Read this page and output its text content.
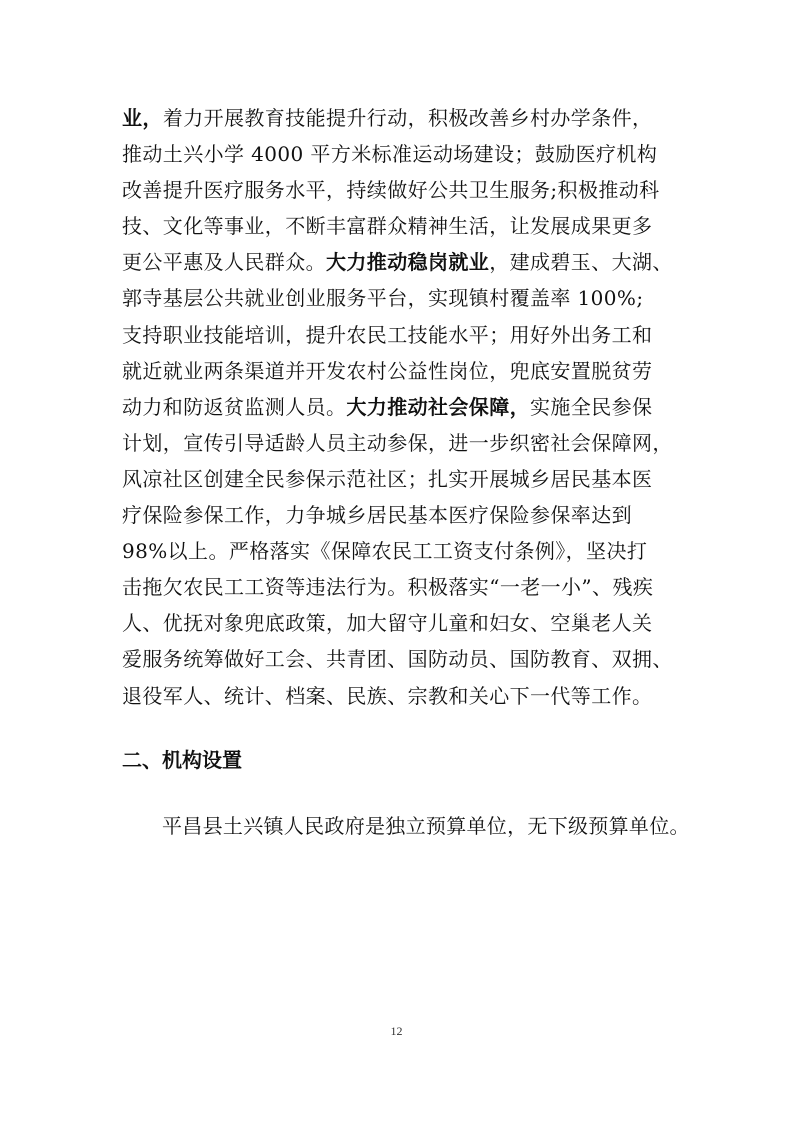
业，着力开展教育技能提升行动，积极改善乡村办学条件，
推动土兴小学 4000 平方米标准运动场建设；鼓励医疗机构
改善提升医疗服务水平，持续做好公共卫生服务;积极推动科
技、文化等事业，不断丰富群众精神生活，让发展成果更多
更公平惠及人民群众。大力推动稳岗就业，建成碧玉、大湖、
郭寺基层公共就业创业服务平台，实现镇村覆盖率 100%;
支持职业技能培训，提升农民工技能水平；用好外出务工和
就近就业两条渠道并开发农村公益性岗位，兜底安置脱贫劳
动力和防返贫监测人员。大力推动社会保障，实施全民参保
计划，宣传引导适龄人员主动参保，进一步织密社会保障网，
风凉社区创建全民参保示范社区；扎实开展城乡居民基本医
疗保险参保工作，力争城乡居民基本医疗保险参保率达到
98%以上。严格落实《保障农民工工资支付条例》，坚决打
击拖欠农民工工资等违法行为。积极落实“一老一小”、残疾
人、优抚对象兜底政策，加大留守儿童和妇女、空巢老人关
爱服务统筹做好工会、共青团、国防动员、国防教育、双拥、
退役军人、统计、档案、民族、宗教和关心下一代等工作。
二、机构设置
平昌县土兴镇人民政府是独立预算单位，无下级预算单位。
12
